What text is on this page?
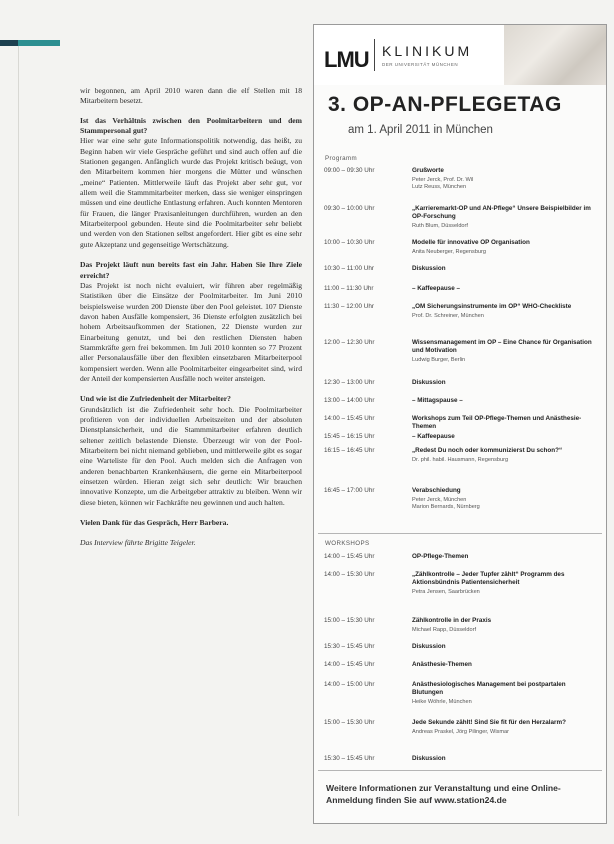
wir begonnen, am April 2010 waren dann die elf Stellen mit 18 Mitarbeitern besetzt.

Ist das Verhältnis zwischen den Poolmitarbeitern und dem Stammpersonal gut?

Hier war eine sehr gute Informationspolitik notwendig, das heißt, zu Beginn haben wir viele Gespräche geführt und sind auch offen auf die Stationen gegangen. Anfänglich wurde das Projekt kritisch beäugt, von den Mitarbeitern kommen hier morgens die Mütter und wünschen „meine“ Patienten. Mittlerweile läuft das Projekt aber sehr gut, vor allem weil die Stammmitarbeiter merken, dass sie weniger einspringen müssen und eine deutliche Entlastung erfahren. Auch konnten Mentoren für Frauen, die länger Praxisanleitungen durchführen, wurden an den Mitarbeiterpool gebunden. Heute sind die Poolmitarbeiter sehr beliebt und werden von den Stationen selbst angefordert. Hier gibt es eine sehr gute Akzeptanz und gegenseitige Wertschätzung.

Das Projekt läuft nun bereits fast ein Jahr. Haben Sie Ihre Ziele erreicht?

Das Projekt ist noch nicht evaluiert, wir führen aber regelmäßig Statistiken über die Einsätze der Poolmitarbeiter. Im Juni 2010 beispielsweise wurden 200 Dienste über den Pool geleistet. 107 Dienste davon haben Ausfälle kompensiert, 36 Dienste erfolgten zusätzlich bei hohem Arbeitsaufkommen der Stationen, 22 Dienste wurden zur Einarbeitung genutzt, und bei den restlichen Diensten haben Stammkräfte gern frei bekommen. Im Juli 2010 konnten so 77 Prozent aller Personalausfälle über den flexiblen einsetzbaren Mitarbeiterpool kompensiert werden. Wenn alle Poolmitarbeiter eingearbeitet sind, wird der Anteil der kompensierten Ausfälle noch weiter ansteigen.

Und wie ist die Zufriedenheit der Mitarbeiter?

Grundsätzlich ist die Zufriedenheit sehr hoch. Die Poolmitarbeiter profitieren von der individuellen Arbeitszeiten und der absoluten Dienstplansicherheit, und die Stammmitarbeiter erfahren deutlich seltener zeitlich belastende Dienste. Überzeugt wir von der Pool-Mitarbeitern bei nicht niemand geblieben, und mittlerweile gibt es sogar eine Warteliste für den Pool. Auch melden sich die Anfragen von anderen benachbarten Krankenhäusern, die gerne ein Mitarbeiterpool einsetzen würden. Hieran zeigt sich sehr deutlich: Wir brauchen innovative Konzepte, um die Arbeitgeber attraktiv zu bleiben. Wenn wir diese bieten, können wir Fachkräfte neu gewinnen und auch halten.

Vielen Dank für das Gespräch, Herr Barbera.

Das Interview führte Brigitte Teigeler.

LMU KLINIKUM
DER UNIVERSITÄT MÜNCHEN
3. OP-AN-PFLEGETAG
am 1. April 2011 in München
Programm
WORKSHOPS
Weitere Informationen zur Veranstaltung und eine Online-Anmeldung finden Sie auf www.station24.de
09:00 – 09:30 Uhr	Grußworte
Peter Jerck, Prof. Dr. Wil
Lutz Reuss, München
09:30 – 10:00 Uhr	„Karrieremarkt-OP und AN-Pflege“ Unsere Beispielbilder im OP-Forschung
Ruth Blum, Düsseldorf
10:00 – 10:30 Uhr	Modelle für innovative OP Organisation
Anita Neuberger, Regensburg
10:30 – 11:00 Uhr	Diskussion
11:00 – 11:30 Uhr	– Kaffeepause –
11:30 – 12:00 Uhr	„OM Sicherungsinstrumente im OP“ WHO-Checkliste
Prof. Dr. Schreiner, München
12:00 – 12:30 Uhr	Wissensmanagement im OP – Eine Chance für Organisation und Motivation
Ludwig Burger, Berlin
12:30 – 13:00 Uhr	Diskussion
13:00 – 14:00 Uhr	– Mittagspause –
14:00 – 15:45 Uhr	Workshops zum Teil OP-Pflege-Themen und Anästhesie-Themen
15:45 – 16:15 Uhr	– Kaffeepause
16:15 – 16:45 Uhr	„Redest Du noch oder kommunizierst Du schon?“
Dr. phil. habil. Hausmann, Regensburg
16:45 – 17:00 Uhr	Verabschiedung
Peter Jerck, München
Marion Bernards, Nürnberg
14:00 – 15:45 Uhr	OP-Pflege-Themen
14:00 – 15:30 Uhr	„Zählkontrolle – Jeder Tupfer zählt“ Programm des Aktionsbündnis Patientensicherheit
Petra Jensen, Saarbrücken
15:00 – 15:30 Uhr	Zählkontrolle in der Praxis
Michael Rapp, Düsseldorf
15:30 – 15:45 Uhr	Diskussion
14:00 – 15:45 Uhr	Anästhesie-Themen
14:00 – 15:00 Uhr	Anästhesiologisches Management bei postpartalen Blutungen
Heike Wöhrle, München
15:00 – 15:30 Uhr	Jede Sekunde zählt! Sind Sie fit für den Herzalarm?
Andreas Praskel, Jörg Pilinger, Wismar
15:30 – 15:45 Uhr	Diskussion
